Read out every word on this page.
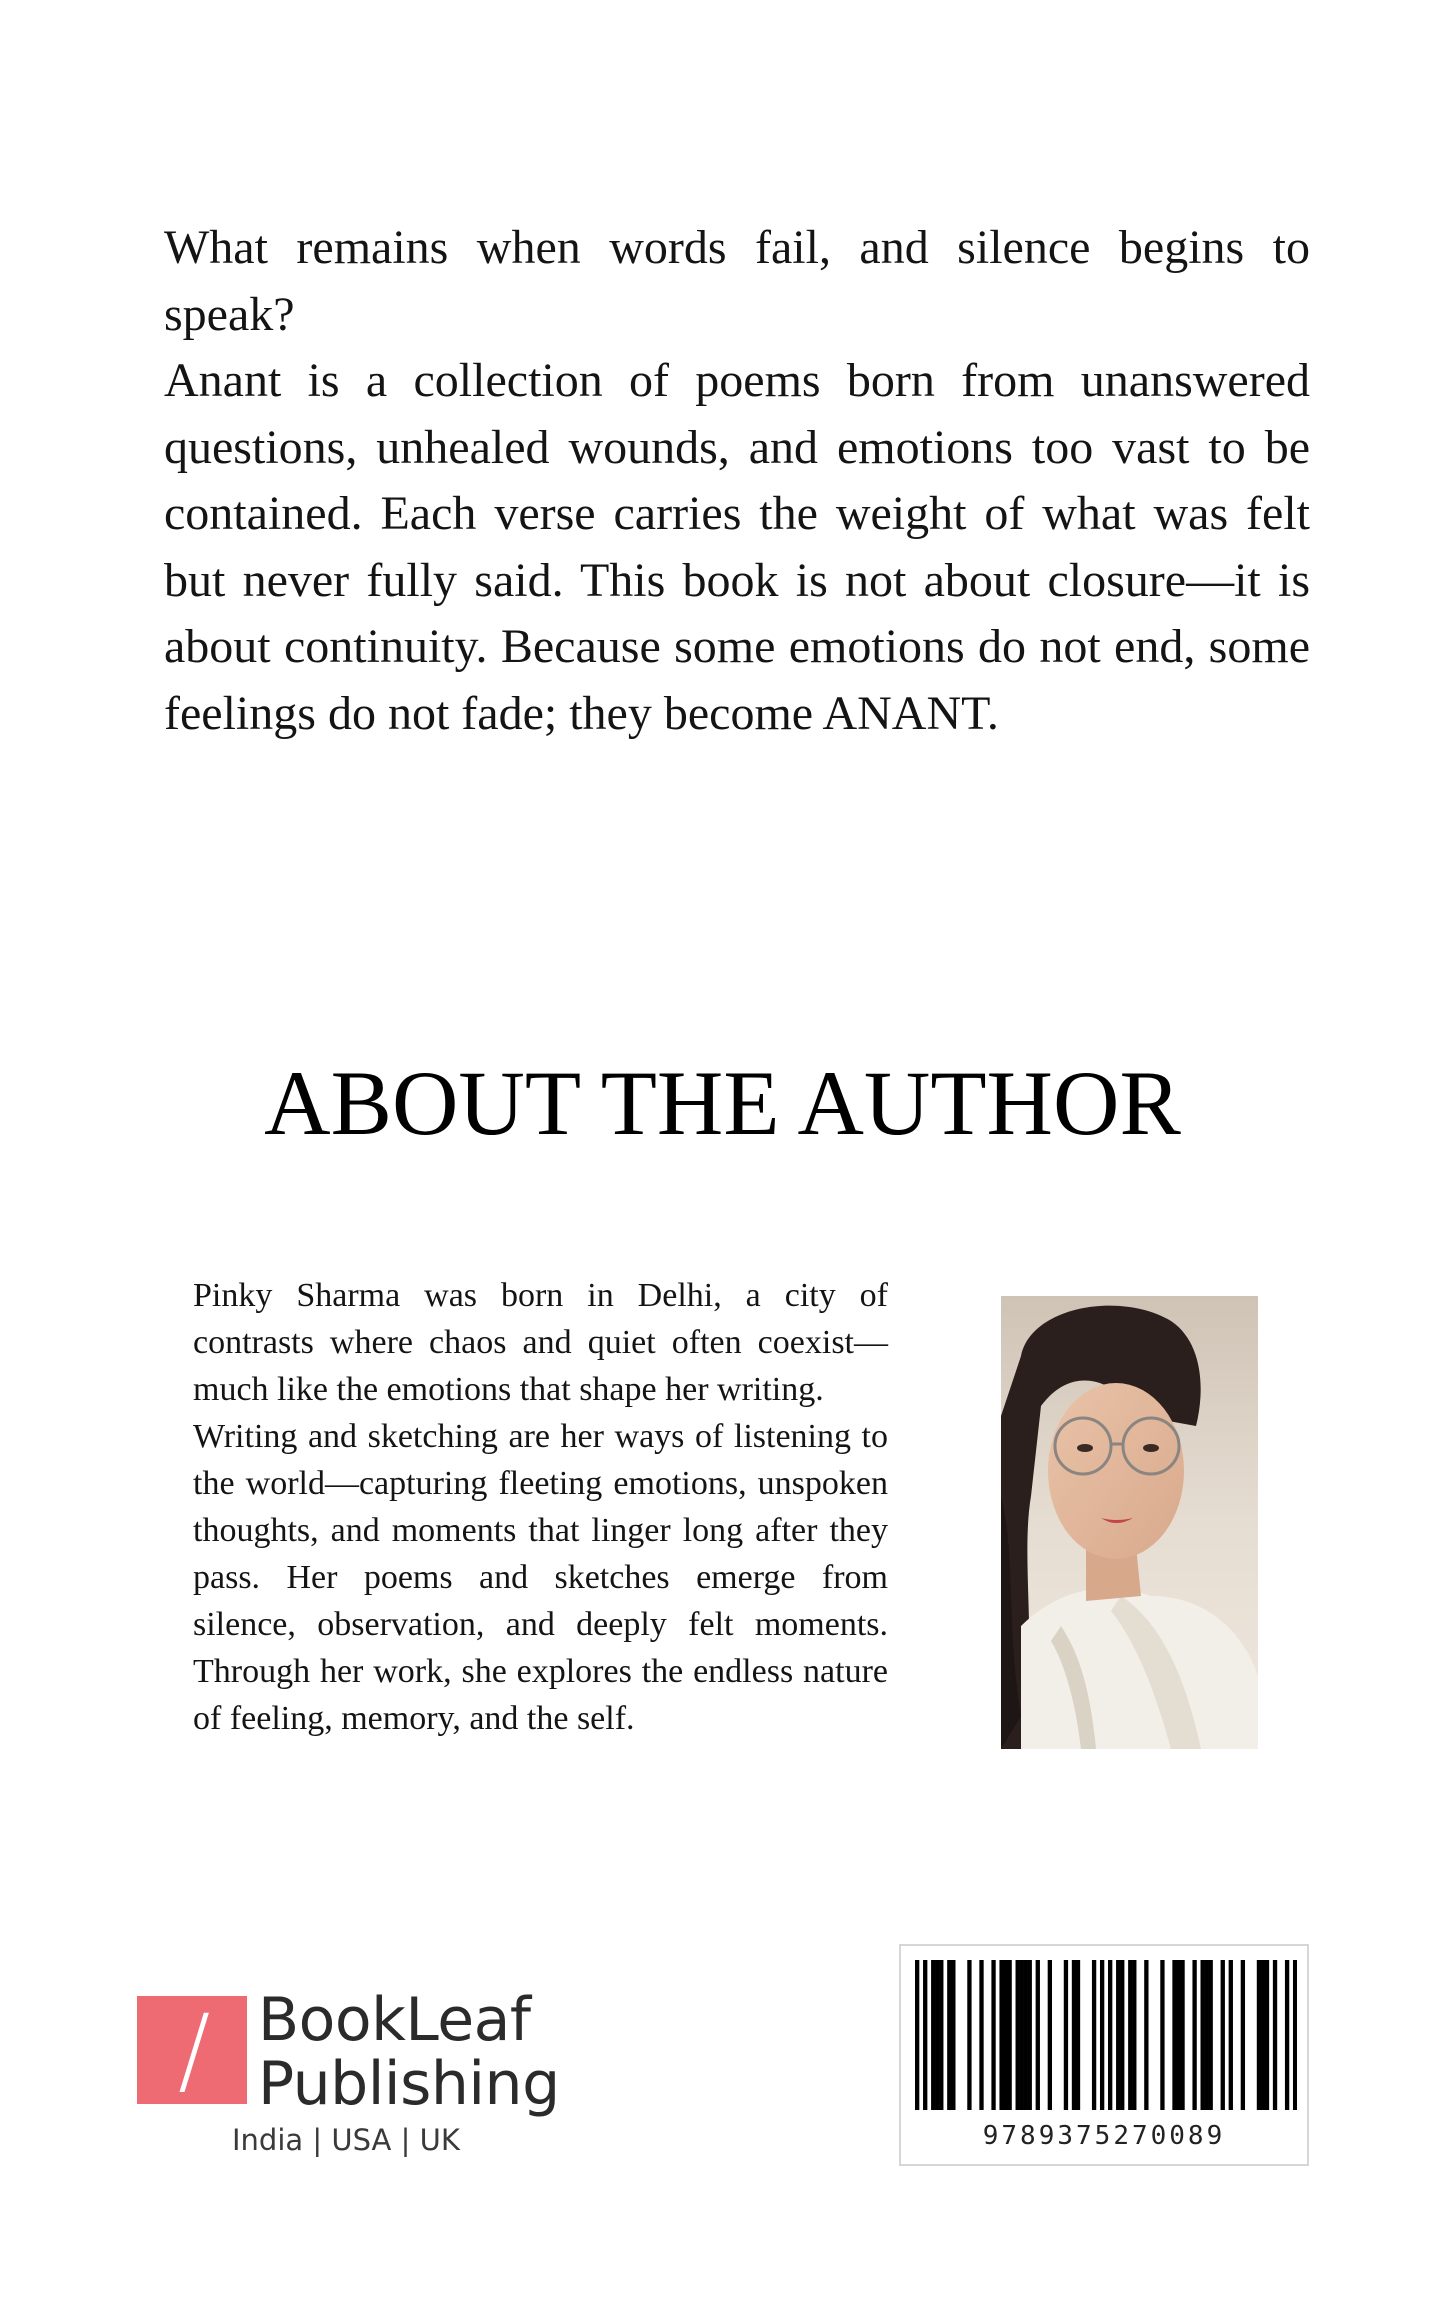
What remains when words fail, and silence begins to speak?

Anant is a collection of poems born from unanswered questions, unhealed wounds, and emotions too vast to be contained. Each verse carries the weight of what was felt but never fully said. This book is not about closure—it is about continuity. Because some emotions do not end, some feelings do not fade; they become ANANT.

ABOUT THE AUTHOR

Pinky Sharma was born in Delhi, a city of contrasts where chaos and quiet often coexist—much like the emotions that shape her writing.

Writing and sketching are her ways of listening to the world—capturing fleeting emotions, unspoken thoughts, and moments that linger long after they pass. Her poems and sketches emerge from silence, observation, and deeply felt moments. Through her work, she explores the endless nature of feeling, memory, and the self.

/ BookLeaf
Publishing
India | USA | UK	9789375270089
